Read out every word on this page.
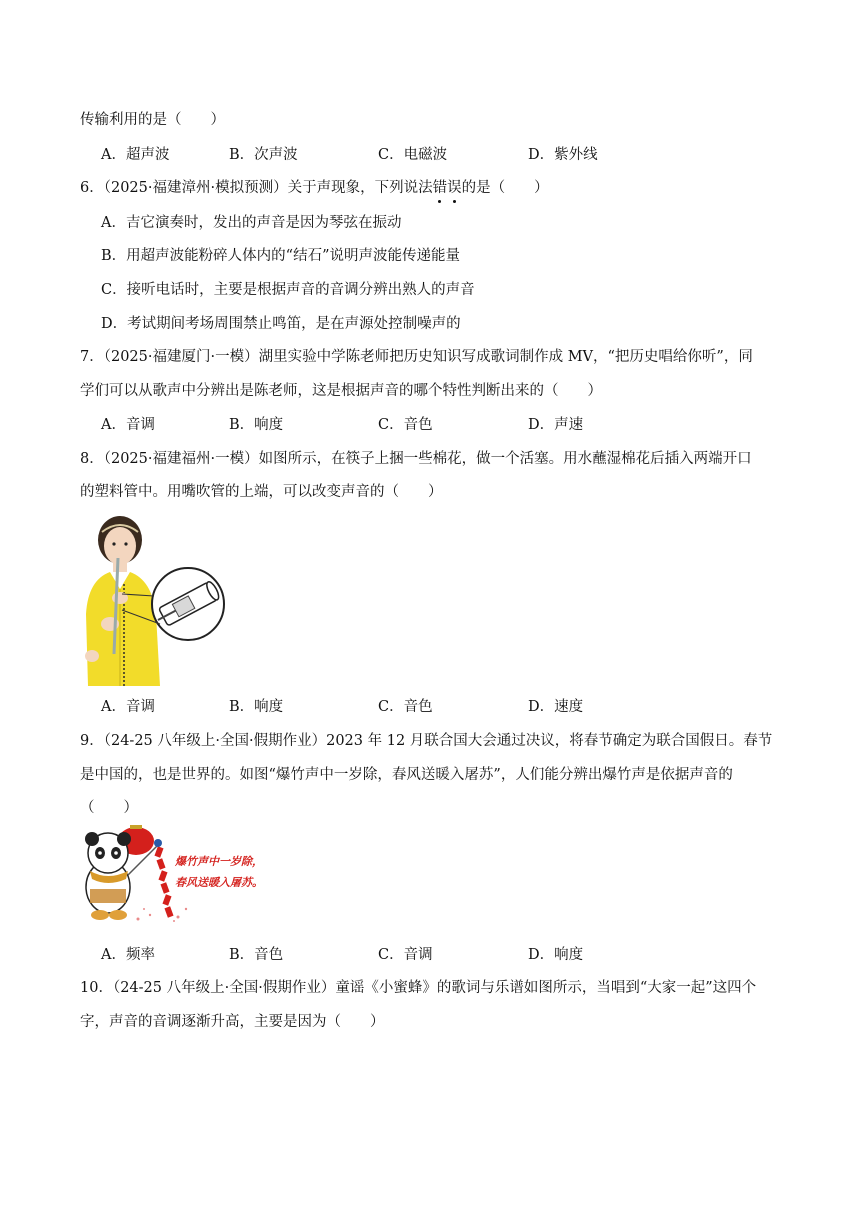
传输利用的是（　　）
A．超声波	B．次声波	C．电磁波	D．紫外线
6．（2025·福建漳州·模拟预测）关于声现象，下列说法错
误
的是（　　）
A．吉它演奏时，发出的声音是因为琴弦在振动
B．用超声波能粉碎人体内的“结石”说明声波能传递能量
C．接听电话时，主要是根据声音的音调分辨出熟人的声音
D．考试期间考场周围禁止鸣笛，是在声源处控制噪声的
7．（2025·福建厦门·一模）湖里实验中学陈老师把历史知识写成歌词制作成 MV，“把历史唱给你听”，同
学们可以从歌声中分辨出是陈老师，这是根据声音的哪个特性判断出来的（　　）
A．音调	B．响度	C．音色	D．声速
8．（2025·福建福州·一模）如图所示，在筷子上捆一些棉花，做一个活塞。用水蘸湿棉花后插入两端开口
的塑料管中。用嘴吹管的上端，可以改变声音的（　　）
A．音调	B．响度	C．音色	D．速度
9．（24-25 八年级上·全国·假期作业）2023 年 12 月联合国大会通过决议，将春节确定为联合国假日。春节
是中国的，也是世界的。如图“爆竹声中一岁除，春风送暖入屠苏”，人们能分辨出爆竹声是依据声音的
（　　）
爆竹声中一岁除，
春风送暖入屠苏。
A．频率	B．音色	C．音调	D．响度
10．（24-25 八年级上·全国·假期作业）童谣《小蜜蜂》的歌词与乐谱如图所示，当唱到“大家一起”这四个
字，声音的音调逐渐升高，主要是因为（　　）
